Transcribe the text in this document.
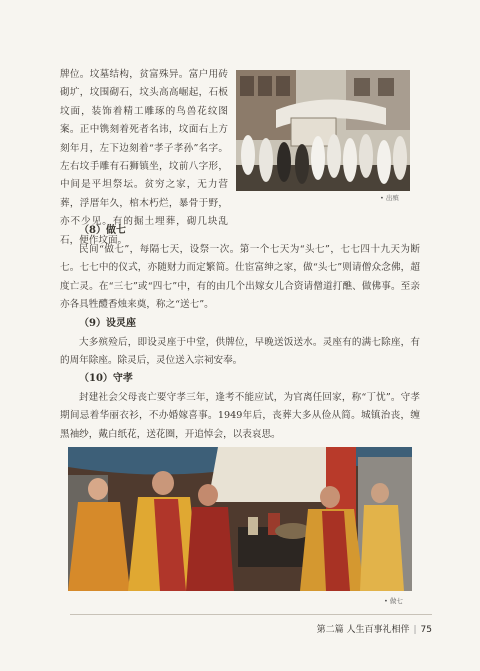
牌位。坟墓结构，贫富殊异。富户用砖砌圹，坟围砌石，坟头高高崛起，石板坟面，装饰着精工雕琢的鸟兽花纹图案。正中镌刻着死者名讳，坟面右上方刻年月，左下边刻着“孝子孝孙”名字。左右坟手雕有石狮镇坐，坟前八字形，中间是平坦祭坛。贫穷之家，无力营葬，浮厝年久，棺木朽烂，暴骨于野，亦不少见。有的掘土埋葬，砌几块乱石，便作坟面。

• 出殡

（8）做七

民间“做七”，每隔七天，设祭一次。第一个七天为“头七”，七七四十九天为断七。七七中的仪式，亦随财力而定繁简。仕宦富绅之家，做“头七”则请僧众念佛，超度亡灵。在“三七”或“四七”中，有的由几个出嫁女儿合资请僧道打醮、做佛事。至亲亦各具牲醴香烛来奠，称之“送七”。

（9）设灵座

大多殡殓后，即设灵座于中堂，供牌位，早晚送饭送水。灵座有的满七除座，有的周年除座。除灵后，灵位送入宗祠安奉。

（10）守孝

封建社会父母丧亡要守孝三年，逢考不能应试，为官离任回家，称“丁忧”。守孝期间忌着华丽衣衫，不办婚嫁喜事。1949年后，丧葬大多从俭从简。城镇治丧，缠黑袖纱，戴白纸花，送花圈，开追悼会，以表哀思。

• 做七

第二篇 人生百事礼相伴 | 75
